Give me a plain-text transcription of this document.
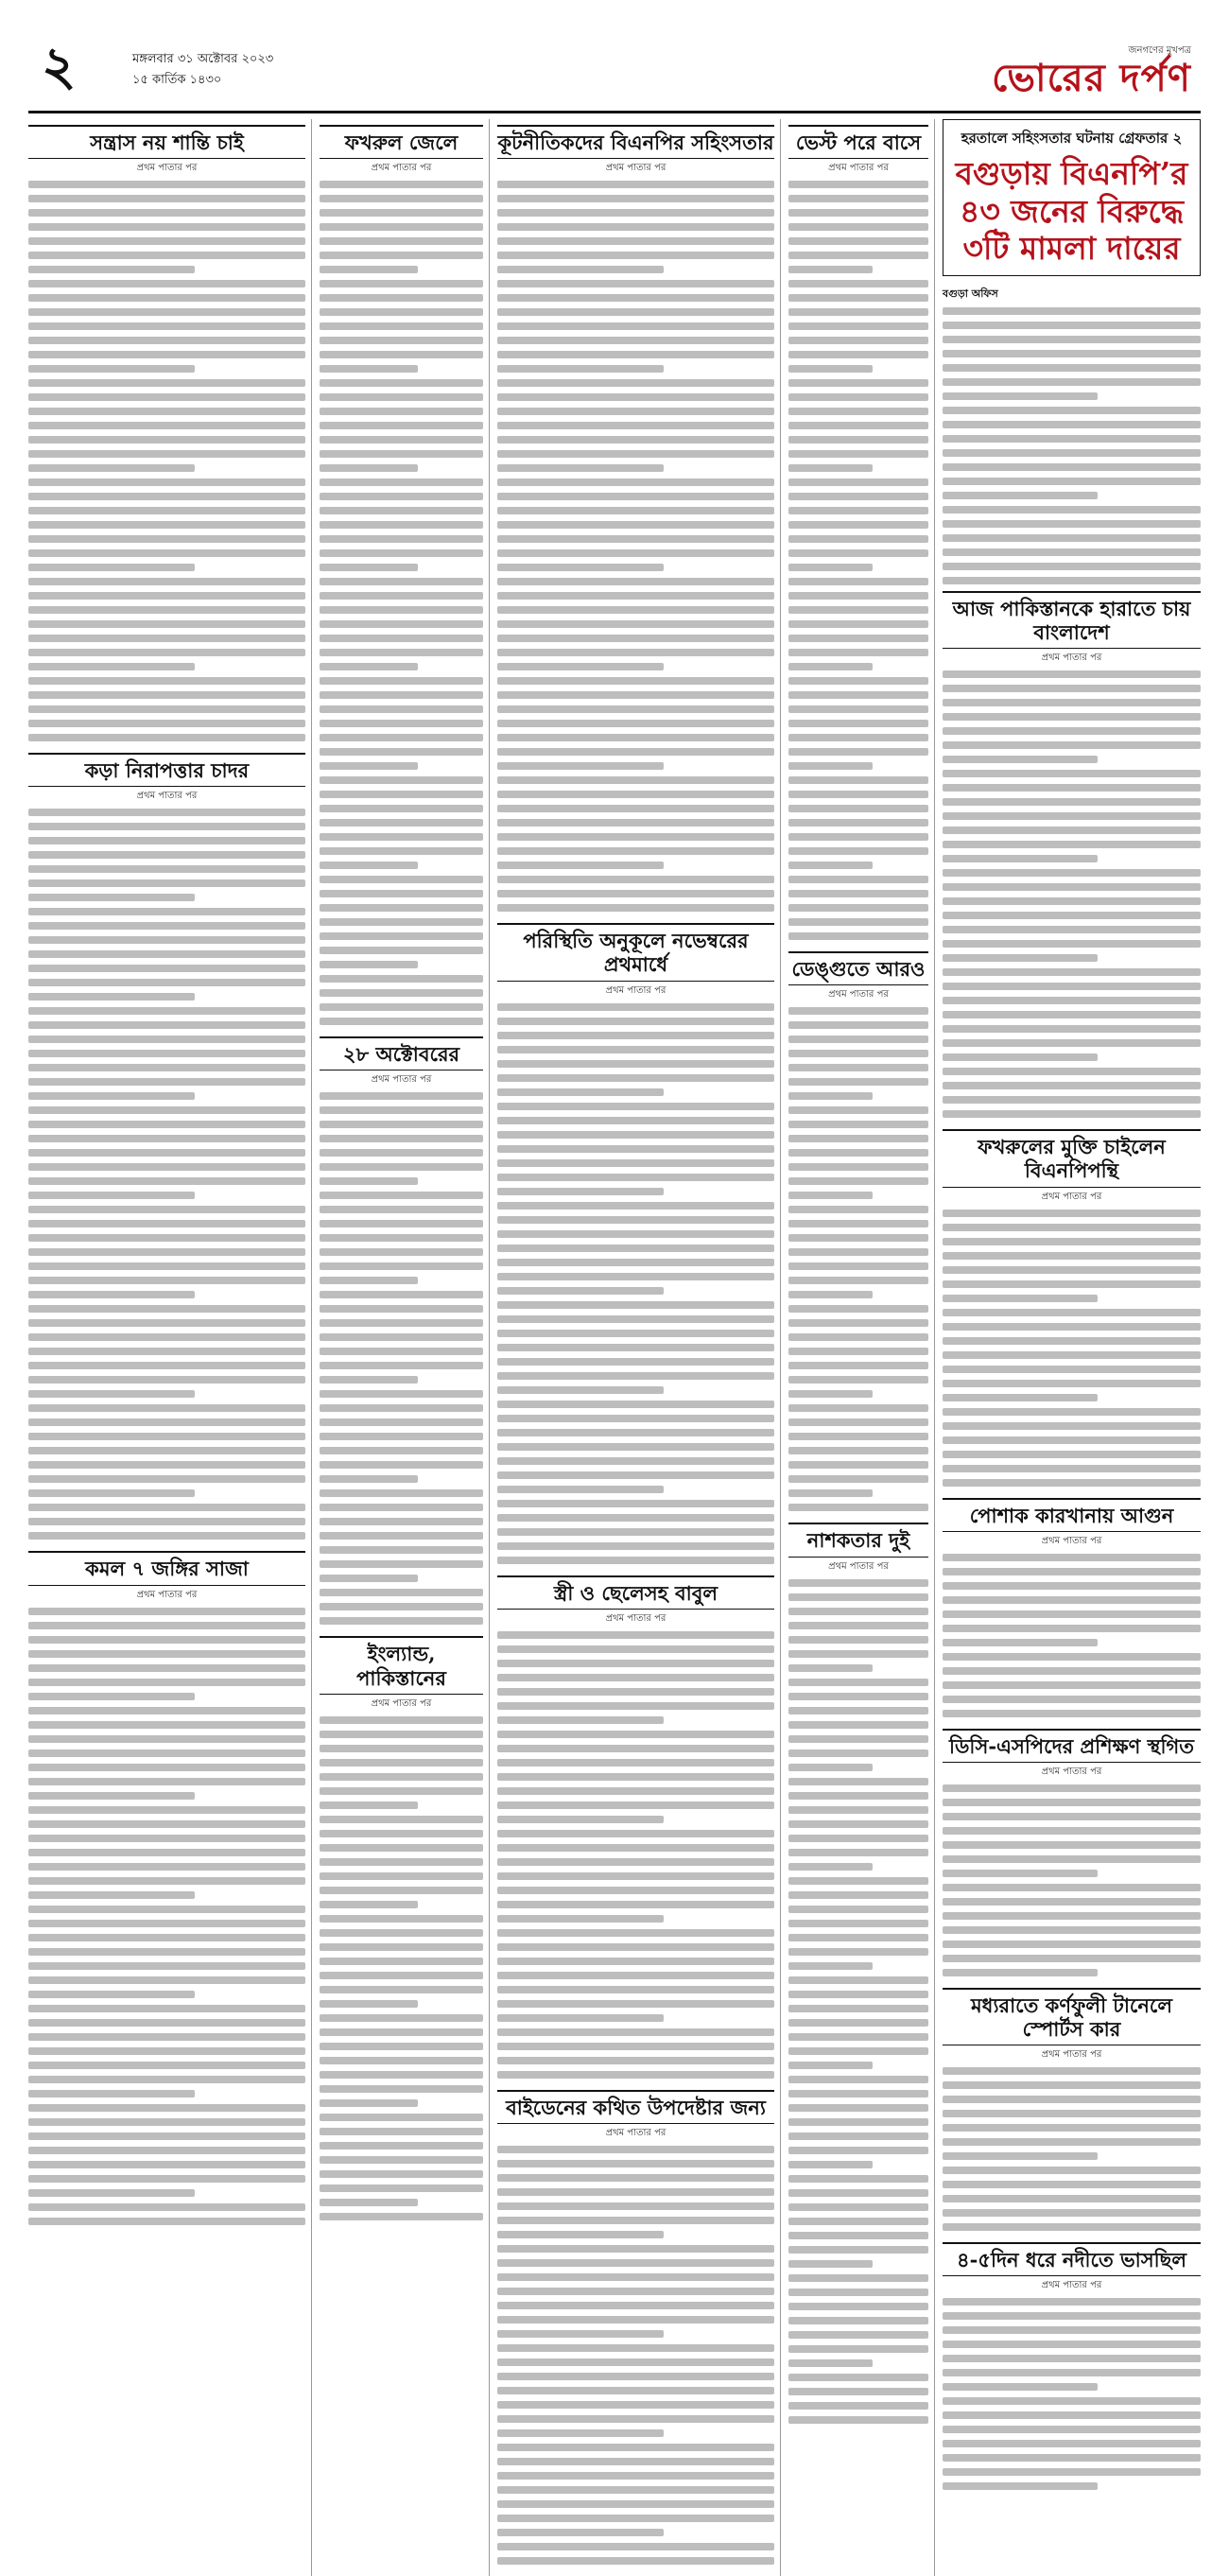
২	মঙ্গলবার ৩১ অক্টোবর ২০২৩
১৫ কার্তিক ১৪৩০
জনগণের মুখপত্র
ভোরের দর্পণ
সন্ত্রাস নয় শান্তি চাই
প্রথম পাতার পর
কড়া নিরাপত্তার চাদর
প্রথম পাতার পর
কমল ৭ জঙ্গির সাজা
প্রথম পাতার পর
ফখরুল জেলে
প্রথম পাতার পর
২৮ অক্টোবরের
প্রথম পাতার পর
ইংল্যান্ড, পাকিস্তানের
প্রথম পাতার পর
কূটনীতিকদের বিএনপির সহিংসতার
প্রথম পাতার পর
পরিস্থিতি অনুকূলে নভেম্বরের প্রথমার্ধে
প্রথম পাতার পর
স্ত্রী ও ছেলেসহ বাবুল
প্রথম পাতার পর
বাইডেনের কথিত উপদেষ্টার জন্য
প্রথম পাতার পর
ভেস্ট পরে বাসে
প্রথম পাতার পর
ডেঙ্গুতে আরও
প্রথম পাতার পর
নাশকতার দুই
প্রথম পাতার পর
হরতালে সহিংসতার ঘটনায় গ্রেফতার ২
বগুড়ায় বিএনপি’র ৪৩ জনের বিরুদ্ধে ৩টি মামলা দায়ের
বগুড়া অফিস
আজ পাকিস্তানকে হারাতে চায় বাংলাদেশ
প্রথম পাতার পর
ফখরুলের মুক্তি চাইলেন বিএনপিপন্থি
প্রথম পাতার পর
পোশাক কারখানায় আগুন
প্রথম পাতার পর
ডিসি-এসপিদের প্রশিক্ষণ স্থগিত
প্রথম পাতার পর
মধ্যরাতে কর্ণফুলী টানেলে স্পোর্টস কার
প্রথম পাতার পর
৪-৫দিন ধরে নদীতে ভাসছিল
প্রথম পাতার পর
